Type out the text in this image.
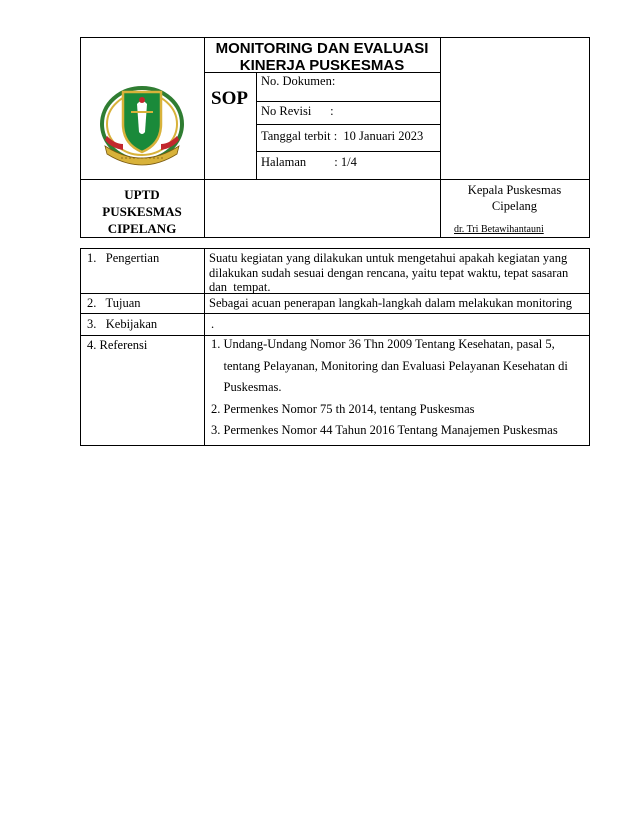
MONITORING DAN EVALUASI
KINERJA PUSKESMAS
SOP
No. Dokumen:
No Revisi      :
Tanggal terbit :  10 Januari 2023
Halaman         : 1/4
UPTD
PUSKESMAS
CIPELANG
Kepala Puskesmas
Cipelang
dr. Tri Betawihantauni
1.   Pengertian	Suatu kegiatan yang dilakukan untuk mengetahui apakah kegiatan yang
dilakukan sudah sesuai dengan rencana, yaitu tepat waktu, tepat sasaran
dan  tempat.
2.   Tujuan	Sebagai acuan penerapan langkah-langkah dalam melakukan monitoring
3.   Kebijakan	.
4. Referensi	1. Undang-Undang Nomor 36 Thn 2009 Tentang Kesehatan, pasal 5,
tentang Pelayanan, Monitoring dan Evaluasi Pelayanan Kesehatan di
Puskesmas.
2. Permenkes Nomor 75 th 2014, tentang Puskesmas
3. Permenkes Nomor 44 Tahun 2016 Tentang Manajemen Puskesmas
